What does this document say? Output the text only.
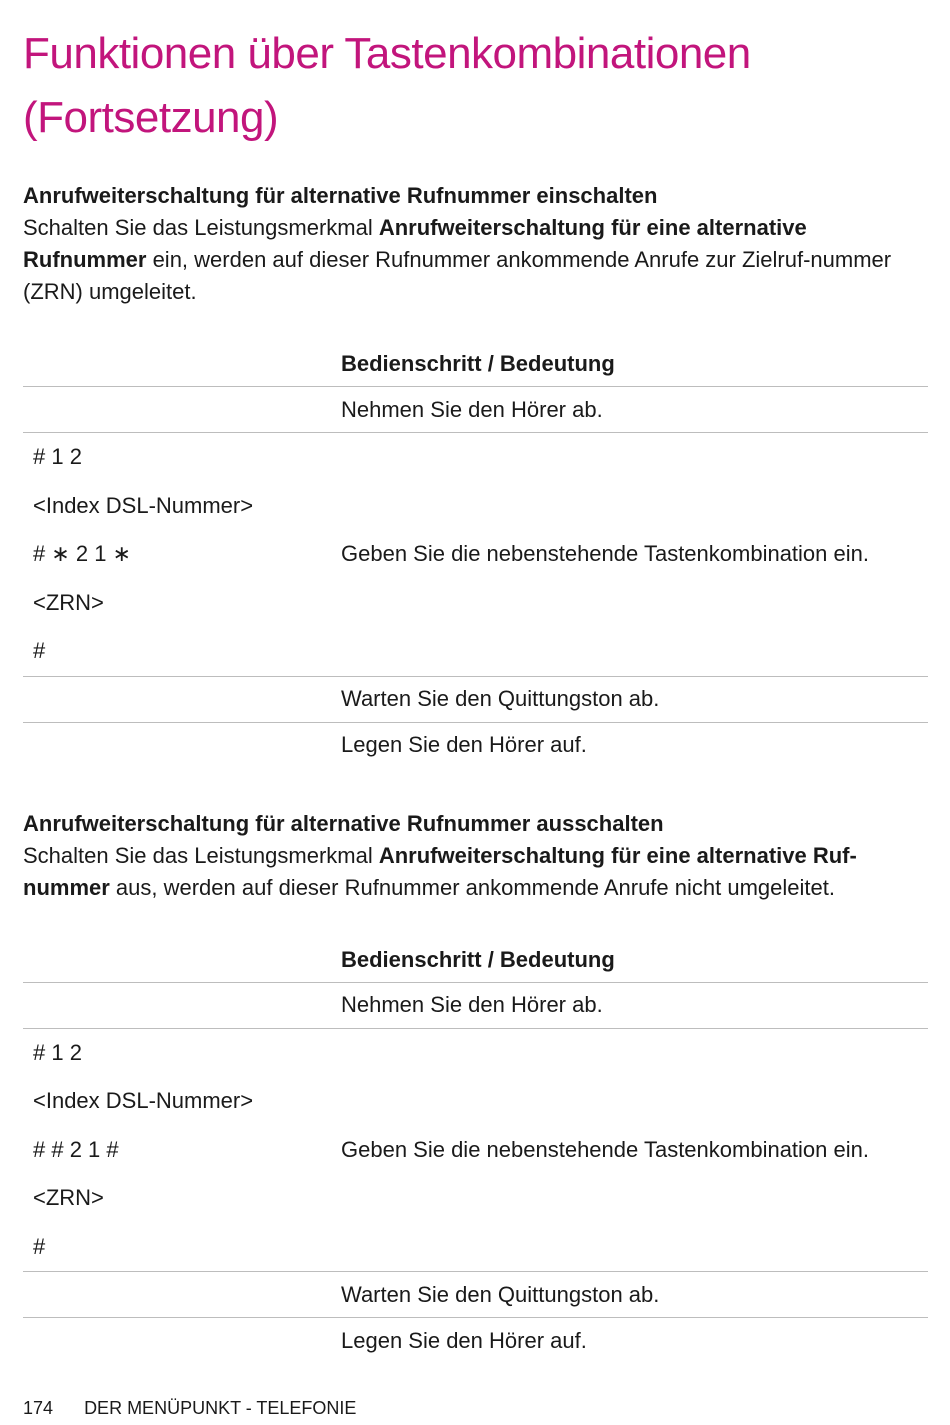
Funktionen über Tastenkombinationen
(Fortsetzung)

Anrufweiterschaltung für alternative Rufnummer einschalten

Schalten Sie das Leistungsmerkmal Anrufweiterschaltung für eine alternative Rufnummer ein, werden auf dieser Rufnummer ankommende Anrufe zur Zielruf-nummer (ZRN) umgeleitet.

	Bedienschritt / Bedeutung
	Nehmen Sie den Hörer ab.

# 1 2
<Index DSL-Nummer>
# ∗ 2 1 ∗
<ZRN>
#	Geben Sie die nebenstehende Tastenkombination ein.
	Warten Sie den Quittungston ab.
	Legen Sie den Hörer auf.

Anrufweiterschaltung für alternative Rufnummer ausschalten

Schalten Sie das Leistungsmerkmal Anrufweiterschaltung für eine alternative Ruf-nummer aus, werden auf dieser Rufnummer ankommende Anrufe nicht umgeleitet.

	Bedienschritt / Bedeutung
	Nehmen Sie den Hörer ab.

# 1 2
<Index DSL-Nummer>
# # 2 1 #
<ZRN>
#	Geben Sie die nebenstehende Tastenkombination ein.
	Warten Sie den Quittungston ab.
	Legen Sie den Hörer auf.
174 DER MENÜPUNKT - TELEFONIE
